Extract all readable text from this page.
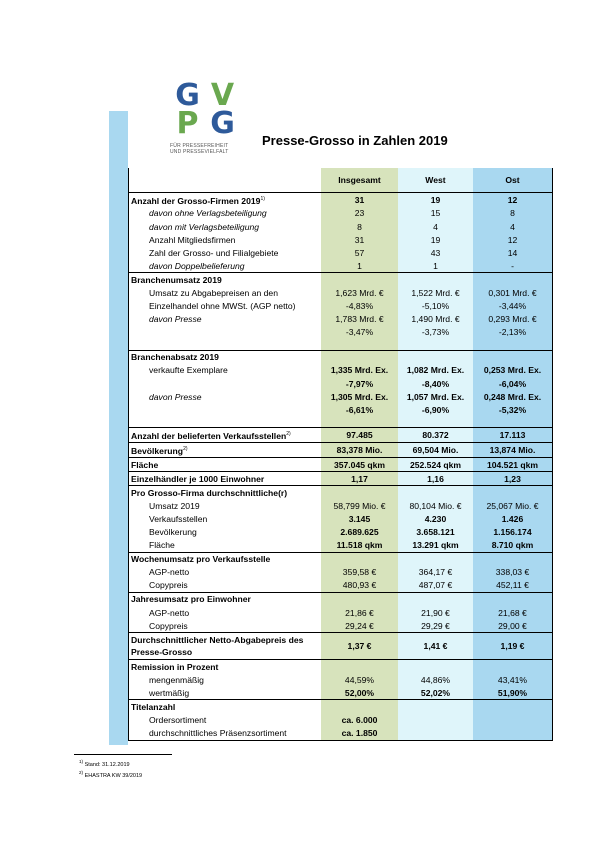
G V
P G
FÜR PRESSEFREIHEIT
UND PRESSEVIELFALT
Presse-Grosso in Zahlen 2019
	Insgesamt	West	Ost
Anzahl der Grosso-Firmen 2019$^{1)}$	31	19	12
davon ohne Verlagsbeteiligung	23	15	8
davon mit Verlagsbeteiligung	8	4	4
Anzahl Mitgliedsfirmen	31	19	12
Zahl der Grosso- und Filialgebiete	57	43	14
davon Doppelbelieferung	1	1	-
Branchenumsatz 2019			
Umsatz zu Abgabepreisen an den	1,623 Mrd. €	1,522 Mrd. €	0,301 Mrd. €
Einzelhandel ohne MWSt. (AGP netto)	-4,83%	-5,10%	-3,44%
davon Presse	1,783 Mrd. €	1,490 Mrd. €	0,293 Mrd. €
	-3,47%	-3,73%	-2,13%

Branchenabsatz 2019			
verkaufte Exemplare	1,335 Mrd. Ex.	1,082 Mrd. Ex.	0,253 Mrd. Ex.
	-7,97%	-8,40%	-6,04%
davon Presse	1,305 Mrd. Ex.	1,057 Mrd. Ex.	0,248 Mrd. Ex.
	-6,61%	-6,90%	-5,32%

Anzahl der belieferten Verkaufsstellen$^{2)}$	97.485	80.372	17.113
Bevölkerung$^{2)}$	83,378 Mio.	69,504 Mio.	13,874 Mio.
Fläche	357.045 qkm	252.524 qkm	104.521 qkm
Einzelhändler je 1000 Einwohner	1,17	1,16	1,23
Pro Grosso-Firma durchschnittliche(r)			
Umsatz 2019	58,799 Mio. €	80,104 Mio. €	25,067 Mio. €
Verkaufsstellen	3.145	4.230	1.426
Bevölkerung	2.689.625	3.658.121	1.156.174
Fläche	11.518 qkm	13.291 qkm	8.710 qkm
Wochenumsatz pro Verkaufsstelle			
AGP-netto	359,58 €	364,17 €	338,03 €
Copypreis	480,93 €	487,07 €	452,11 €
Jahresumsatz pro Einwohner			
AGP-netto	21,86 €	21,90 €	21,68 €
Copypreis	29,24 €	29,29 €	29,00 €
Durchschnittlicher Netto-Abgabepreis des Presse-Grosso	1,37 €	1,41 €	1,19 €
Remission in Prozent			
mengenmäßig	44,59%	44,86%	43,41%
wertmäßig	52,00%	52,02%	51,90%
Titelanzahl			
Ordersortiment	ca. 6.000		
durchschnittliches Präsenzsortiment	ca. 1.850		
$^{1)}$ Stand: 31.12.2019
$^{2)}$ EHASTRA KW 39/2019
